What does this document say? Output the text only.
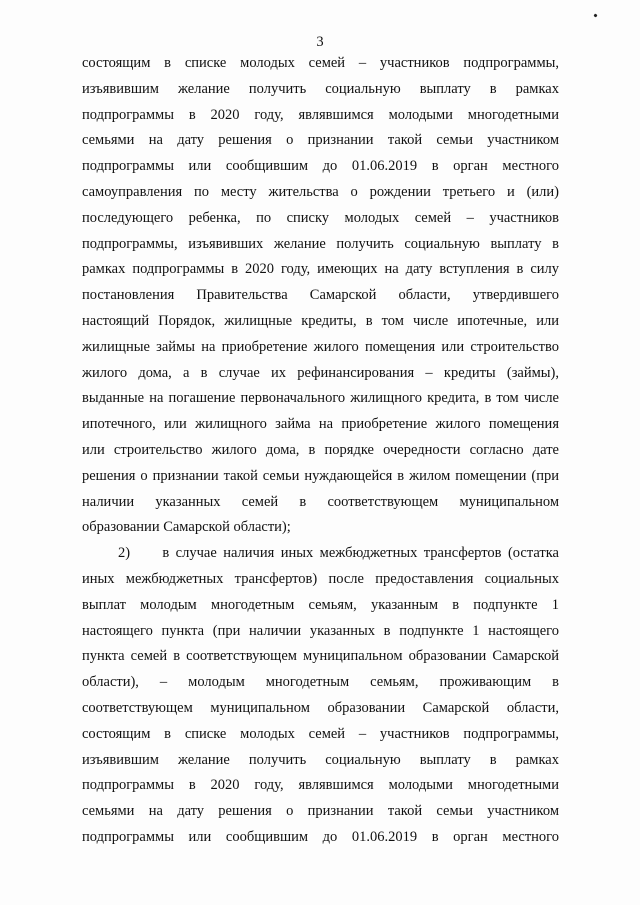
3
состоящим в списке молодых семей – участников подпрограммы,
изъявившим желание получить социальную выплату в рамках
подпрограммы в 2020 году, являвшимся молодыми многодетными
семьями на дату решения о признании такой семьи участником
подпрограммы или сообщившим до 01.06.2019 в орган местного
самоуправления по месту жительства о рождении третьего и (или)
последующего ребенка, по списку молодых семей – участников
подпрограммы, изъявивших желание получить социальную выплату в
рамках подпрограммы в 2020 году, имеющих на дату вступления в силу
постановления Правительства Самарской области, утвердившего
настоящий Порядок, жилищные кредиты, в том числе ипотечные, или
жилищные займы на приобретение жилого помещения или строительство
жилого дома, а в случае их рефинансирования – кредиты (займы),
выданные на погашение первоначального жилищного кредита, в том числе
ипотечного, или жилищного займа на приобретение жилого помещения
или строительство жилого дома, в порядке очередности согласно дате
решения о признании такой семьи нуждающейся в жилом помещении (при
наличии указанных семей в соответствующем муниципальном
образовании Самарской области);
2)     в случае наличия иных межбюджетных трансфертов (остатка
иных межбюджетных трансфертов) после предоставления социальных
выплат молодым многодетным семьям, указанным в подпункте 1
настоящего пункта (при наличии указанных в подпункте 1 настоящего
пункта семей в соответствующем муниципальном образовании Самарской
области), – молодым многодетным семьям, проживающим в
соответствующем муниципальном образовании Самарской области,
состоящим в списке молодых семей – участников подпрограммы,
изъявившим желание получить социальную выплату в рамках
подпрограммы в 2020 году, являвшимся молодыми многодетными
семьями на дату решения о признании такой семьи участником
подпрограммы или сообщившим до 01.06.2019 в орган местного
